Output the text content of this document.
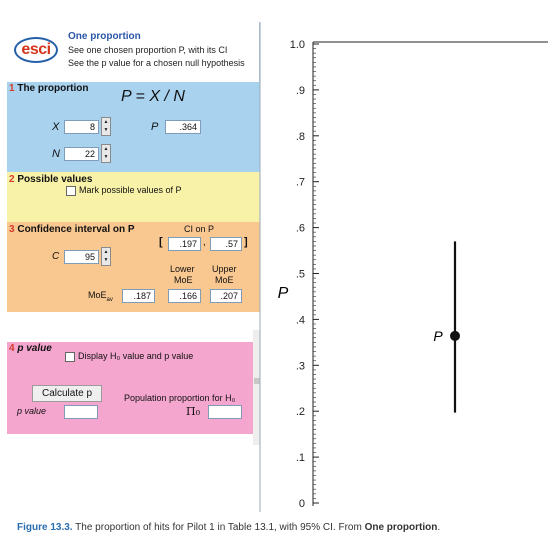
esci
One proportion
See one chosen proportion P, with its CI
See the p value for a chosen null hypothesis
1 The proportion P = X / N
X	8
▲
▼	P	.364
N	22
▲
▼
2 Possible values
Mark possible values of P
3 Confidence interval on P	CI on P
[	.197 ,	.57 ]
C	95
▲
▼
Lower
MoE
Upper
MoE
MoE$_{av}$	.187	.166	.207
4 p value
Display H₀ value and p value
Calculate p
p value
Population proportion for H₀
Π₀
0
.1
.2
.3
.4
.5
.6
.7
.8
.9
1.0
P
P
Figure 13.3. The proportion of hits for Pilot 1 in Table 13.1, with 95% CI. From One proportion.
